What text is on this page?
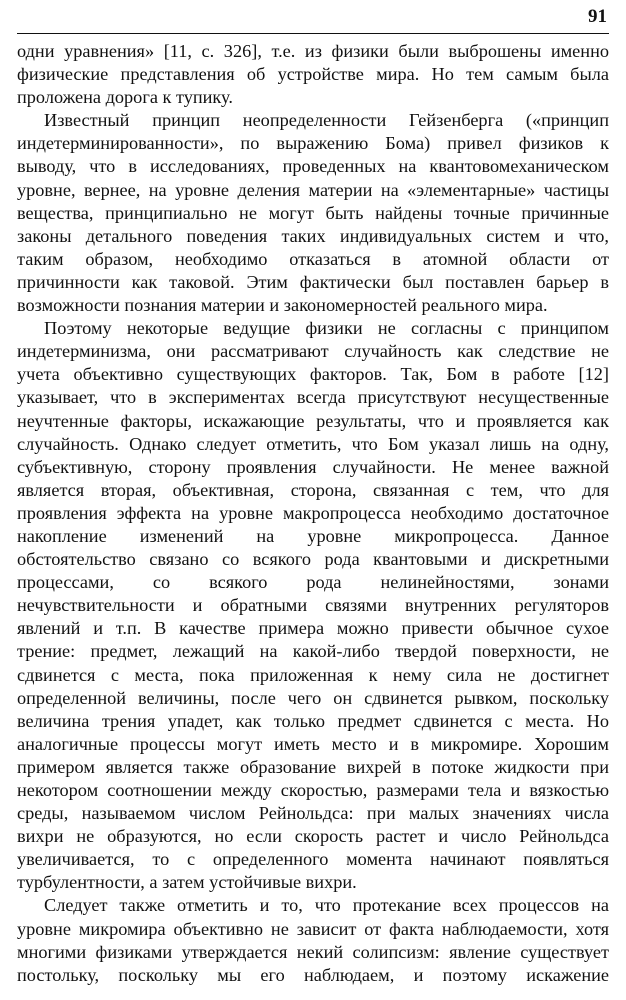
91
одни уравнения» [11, с. 326], т.е. из физики были выброшены именно
физические представления об устройстве мира. Но тем самым была
проложена дорога к тупику.
Известный принцип неопределенности Гейзенберга («принцип
индетерминированности», по выражению Бома) привел физиков к
выводу, что в исследованиях, проведенных на квантовомеханическом
уровне, вернее, на уровне деления материи на «элементарные» частицы
вещества, принципиально не могут быть найдены точные причинные
законы детального поведения таких индивидуальных систем и что,
таким образом, необходимо отказаться в атомной области от
причинности как таковой. Этим фактически был поставлен барьер в
возможности познания материи и закономерностей реального мира.
Поэтому некоторые ведущие физики не согласны с принципом
индетерминизма, они рассматривают случайность как следствие не
учета объективно существующих факторов. Так, Бом в работе [12]
указывает, что в экспериментах всегда присутствуют несущественные
неучтенные факторы, искажающие результаты, что и проявляется как
случайность. Однако следует отметить, что Бом указал лишь на одну,
субъективную, сторону проявления случайности. Не менее важной
является вторая, объективная, сторона, связанная с тем, что для
проявления эффекта на уровне макропроцесса необходимо достаточное
накопление изменений на уровне микропроцесса. Данное
обстоятельство связано со всякого рода квантовыми и дискретными
процессами, со всякого рода нелинейностями, зонами
нечувствительности и обратными связями внутренних регуляторов
явлений и т.п. В качестве примера можно привести обычное сухое
трение: предмет, лежащий на какой-либо твердой поверхности, не
сдвинется с места, пока приложенная к нему сила не достигнет
определенной величины, после чего он сдвинется рывком, поскольку
величина трения упадет, как только предмет сдвинется с места. Но
аналогичные процессы могут иметь место и в микромире. Хорошим
примером является также образование вихрей в потоке жидкости при
некотором соотношении между скоростью, размерами тела и вязкостью
среды, называемом числом Рейнольдса: при малых значениях числа
вихри не образуются, но если скорость растет и число Рейнольдса
увеличивается, то с определенного момента начинают появляться
турбулентности, а затем устойчивые вихри.
Следует также отметить и то, что протекание всех процессов на
уровне микромира объективно не зависит от факта наблюдаемости, хотя
многими физиками утверждается некий солипсизм: явление существует
постольку, поскольку мы его наблюдаем, и поэтому искажение
